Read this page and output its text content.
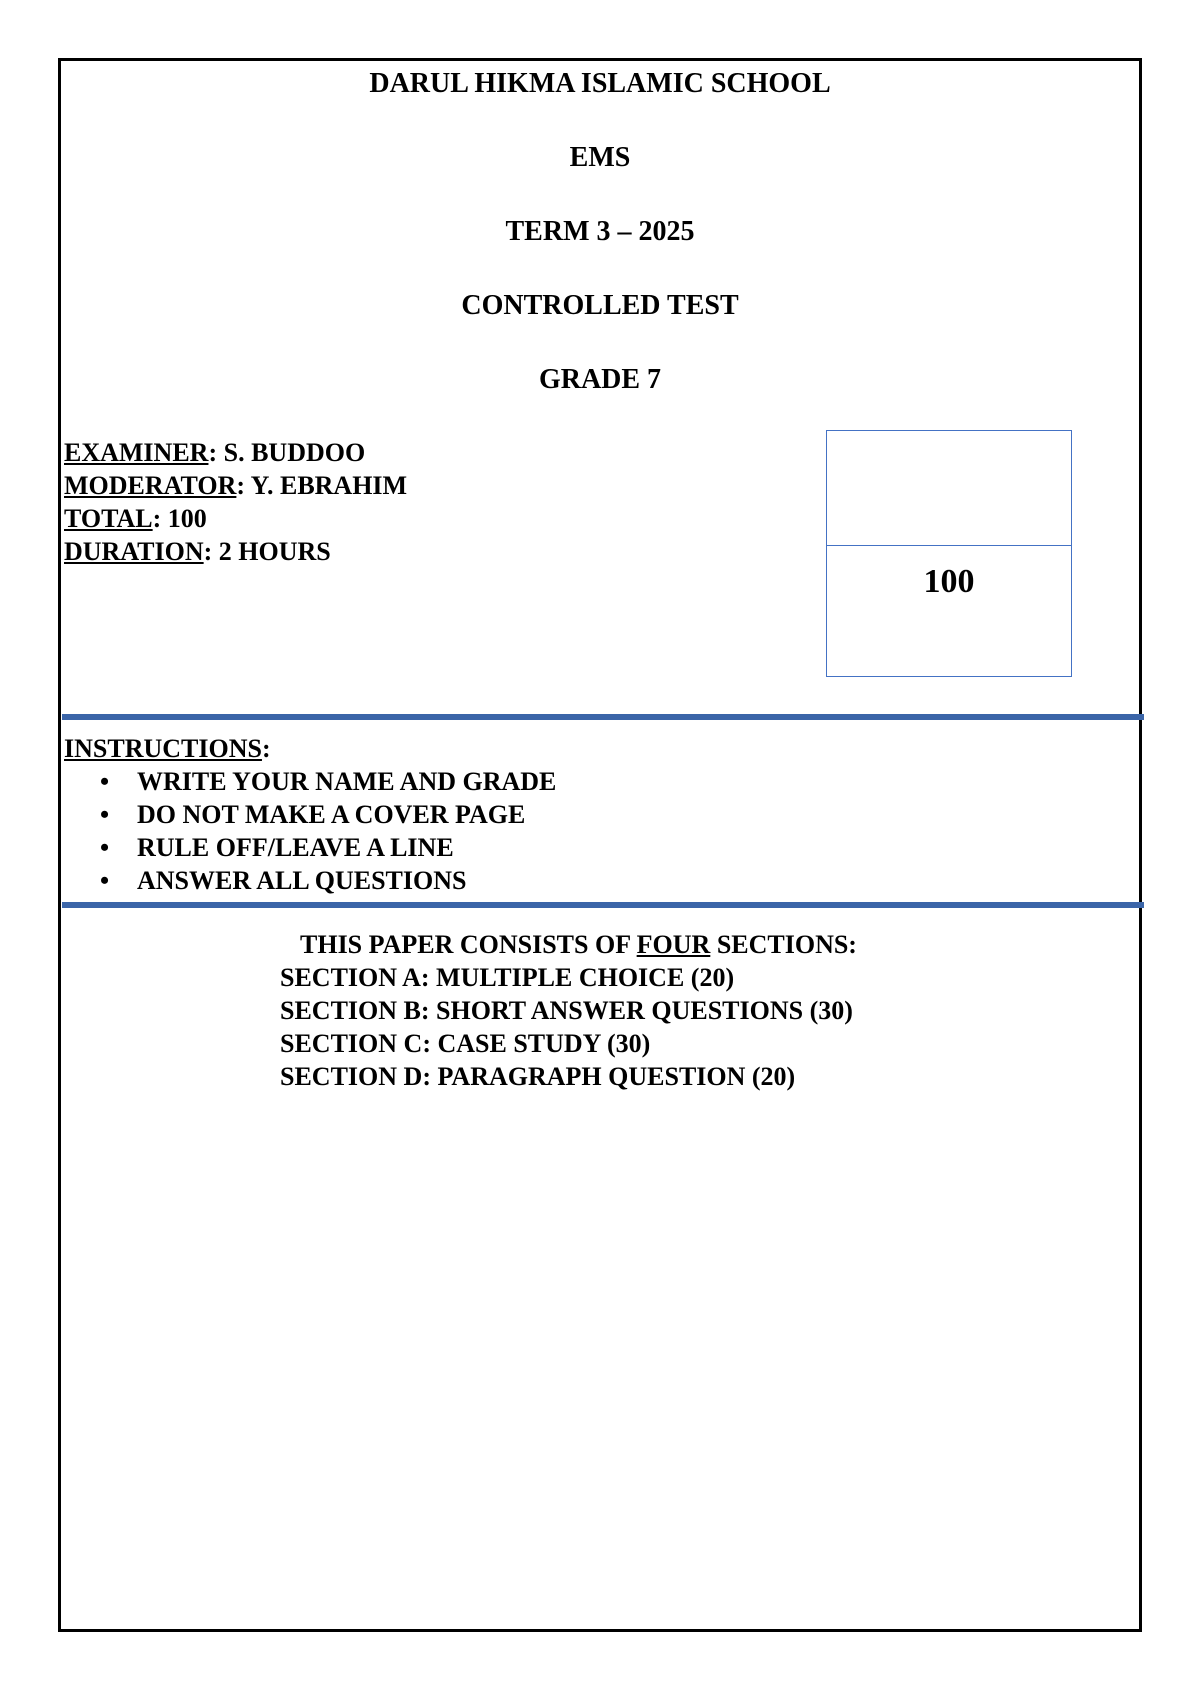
DARUL HIKMA ISLAMIC SCHOOL
EMS
TERM 3 – 2025
CONTROLLED TEST
GRADE 7
EXAMINER: S. BUDDOO
MODERATOR: Y. EBRAHIM
TOTAL: 100
DURATION: 2 HOURS
100
INSTRUCTIONS:
• WRITE YOUR NAME AND GRADE
• DO NOT MAKE A COVER PAGE
• RULE OFF/LEAVE A LINE
• ANSWER ALL QUESTIONS
THIS PAPER CONSISTS OF FOUR SECTIONS:
SECTION A: MULTIPLE CHOICE (20)
SECTION B: SHORT ANSWER QUESTIONS (30)
SECTION C: CASE STUDY (30)
SECTION D: PARAGRAPH QUESTION (20)
